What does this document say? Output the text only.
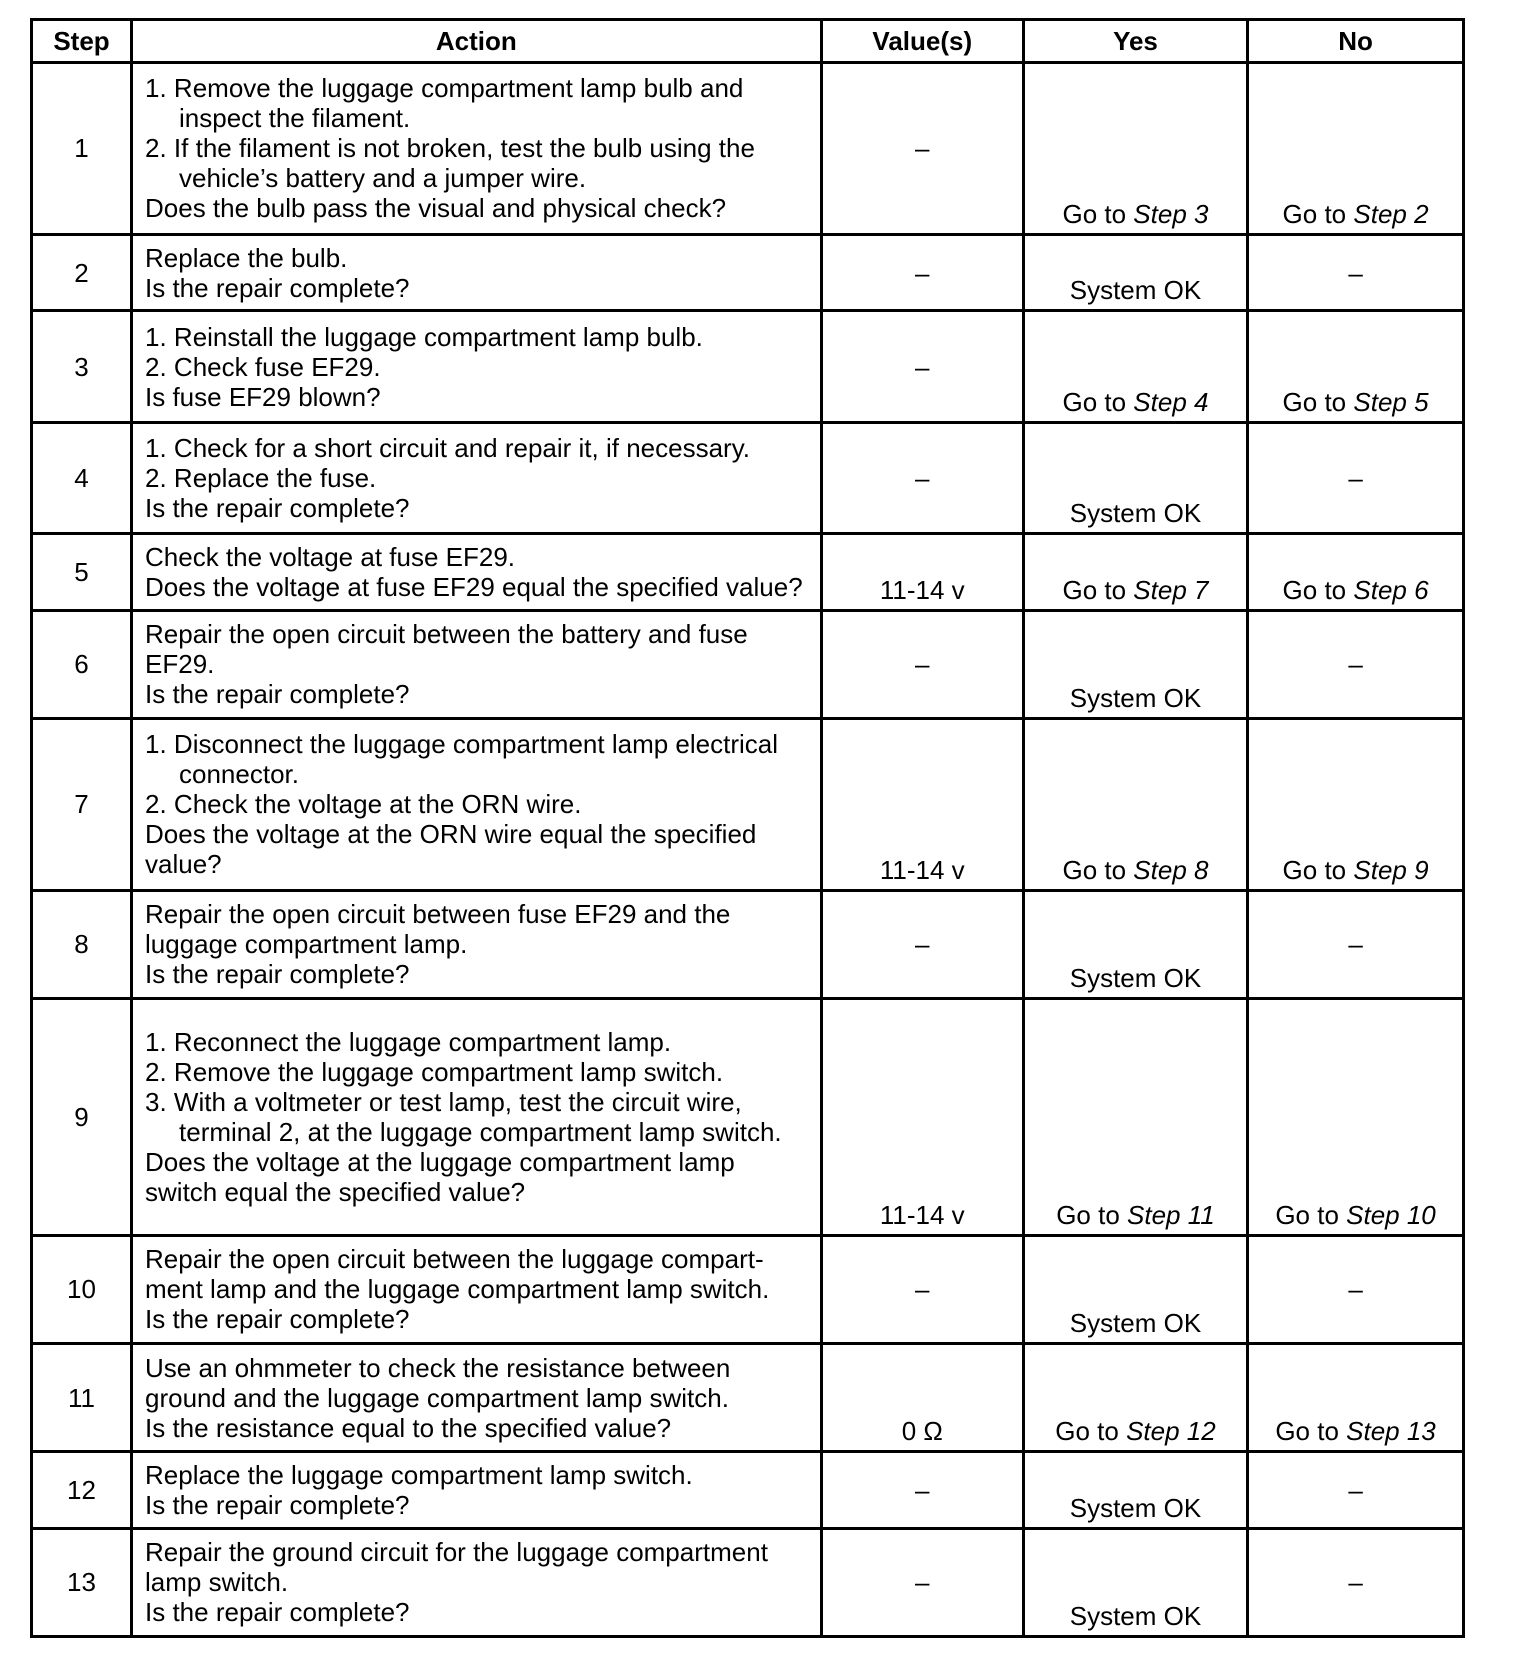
Step	Action	Value(s)	Yes	No
1	1. Remove the luggage compartment lamp bulb and inspect the filament.
2. If the filament is not broken, test the bulb using the vehicle’s battery and a jumper wire.
Does the bulb pass the visual and physical check?	–	Go to Step 3	Go to Step 2
2	Replace the bulb.
Is the repair complete?	–	System OK	–
3	1. Reinstall the luggage compartment lamp bulb.
2. Check fuse EF29.
Is fuse EF29 blown?	–	Go to Step 4	Go to Step 5
4	1. Check for a short circuit and repair it, if necessary.
2. Replace the fuse.
Is the repair complete?	–	System OK	–
5	Check the voltage at fuse EF29.
Does the voltage at fuse EF29 equal the specified value?	11-14 v	Go to Step 7	Go to Step 6
6	Repair the open circuit between the battery and fuse EF29.
Is the repair complete?	–	System OK	–
7	1. Disconnect the luggage compartment lamp electrical connector.
2. Check the voltage at the ORN wire.
Does the voltage at the ORN wire equal the specified value?	11-14 v	Go to Step 8	Go to Step 9
8	Repair the open circuit between fuse EF29 and the luggage compartment lamp.
Is the repair complete?	–	System OK	–
9	1. Reconnect the luggage compartment lamp.
2. Remove the luggage compartment lamp switch.
3. With a voltmeter or test lamp, test the circuit wire, terminal 2, at the luggage compartment lamp switch.
Does the voltage at the luggage compartment lamp switch equal the specified value?	11-14 v	Go to Step 11	Go to Step 10
10	Repair the open circuit between the luggage compart-ment lamp and the luggage compartment lamp switch.
Is the repair complete?	–	System OK	–
11	Use an ohmmeter to check the resistance between ground and the luggage compartment lamp switch.
Is the resistance equal to the specified value?	0 Ω	Go to Step 12	Go to Step 13
12	Replace the luggage compartment lamp switch.
Is the repair complete?	–	System OK	–
13	Repair the ground circuit for the luggage compartment lamp switch.
Is the repair complete?	–	System OK	–
